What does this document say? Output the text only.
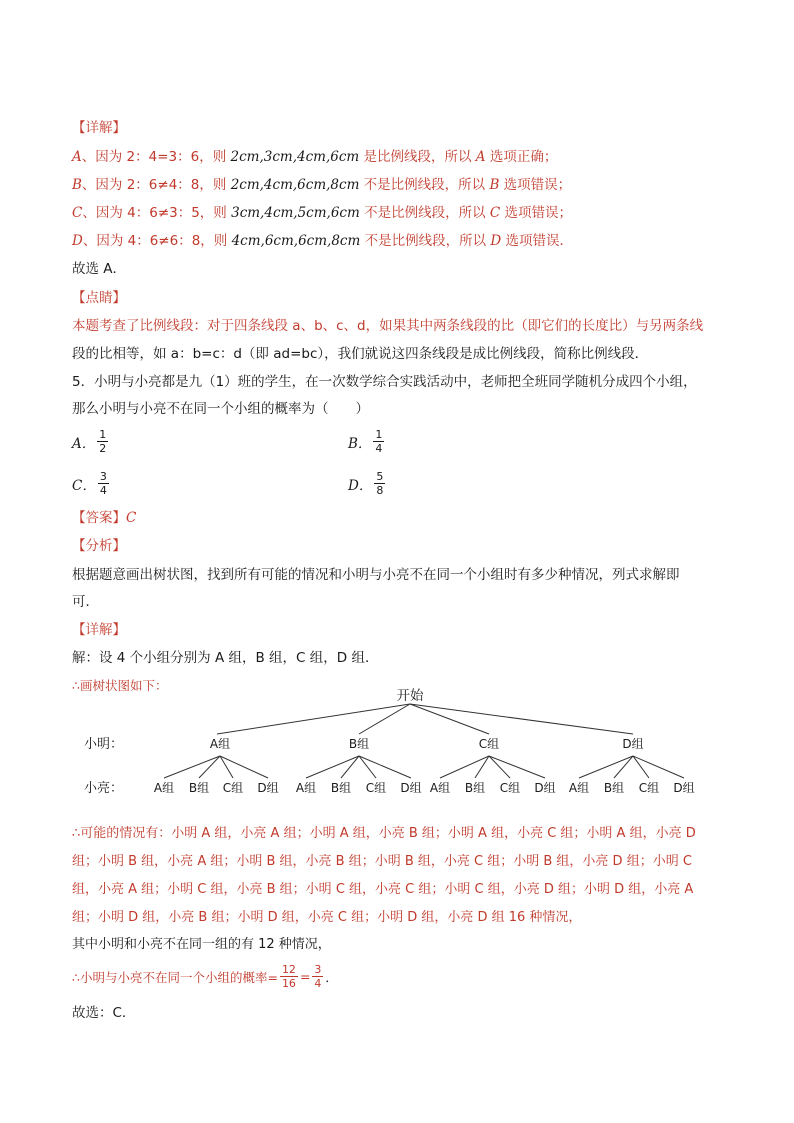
【详解】
A、因为 2：4=3：6，则 2cm,3cm,4cm,6cm 是比例线段，所以 A 选项正确；
B、因为 2：6≠4：8，则 2cm,4cm,6cm,8cm 不是比例线段，所以 B 选项错误；
C、因为 4：6≠3：5，则 3cm,4cm,5cm,6cm 不是比例线段，所以 C 选项错误；
D、因为 4：6≠6：8，则 4cm,6cm,6cm,8cm 不是比例线段，所以 D 选项错误．
故选 A．
【点睛】
本题考查了比例线段：对于四条线段 a、b、c、d，如果其中两条线段的比（即它们的长度比）与另两条线
段的比相等，如 a：b=c：d（即 ad=bc），我们就说这四条线段是成比例线段，简称比例线段．
5．小明与小亮都是九（1）班的学生，在一次数学综合实践活动中，老师把全班同学随机分成四个小组，
那么小明与小亮不在同一个小组的概率为（　　）
A． $\frac{1}{2}$	B． $\frac{1}{4}$
C． $\frac{3}{4}$	D． $\frac{5}{8}$
【答案】C
【分析】
根据题意画出树状图，找到所有可能的情况和小明与小亮不在同一个小组时有多少种情况，列式求解即
可．
【详解】
解：设 4 个小组分别为 A 组，B 组，C 组，D 组．
∴画树状图如下：
开始
小明：
小亮：
A组	B组	C组	D组
A组 B组 C组 D组 A组 B组 C组 D组 A组 B组 C组 D组 A组 B组 C组 D组
∴可能的情况有：小明 A 组，小亮 A 组；小明 A 组，小亮 B 组；小明 A 组，小亮 C 组；小明 A 组，小亮 D
组；小明 B 组，小亮 A 组；小明 B 组，小亮 B 组；小明 B 组，小亮 C 组；小明 B 组，小亮 D 组；小明 C
组，小亮 A 组；小明 C 组，小亮 B 组；小明 C 组，小亮 C 组；小明 C 组，小亮 D 组；小明 D 组，小亮 A
组；小明 D 组，小亮 B 组；小明 D 组，小亮 C 组；小明 D 组，小亮 D 组 16 种情况，
其中小明和小亮不在同一组的有 12 种情况，
∴小明与小亮不在同一个小组的概率= $\frac{12}{16} = \frac{3}{4}$ ．
故选：C．
